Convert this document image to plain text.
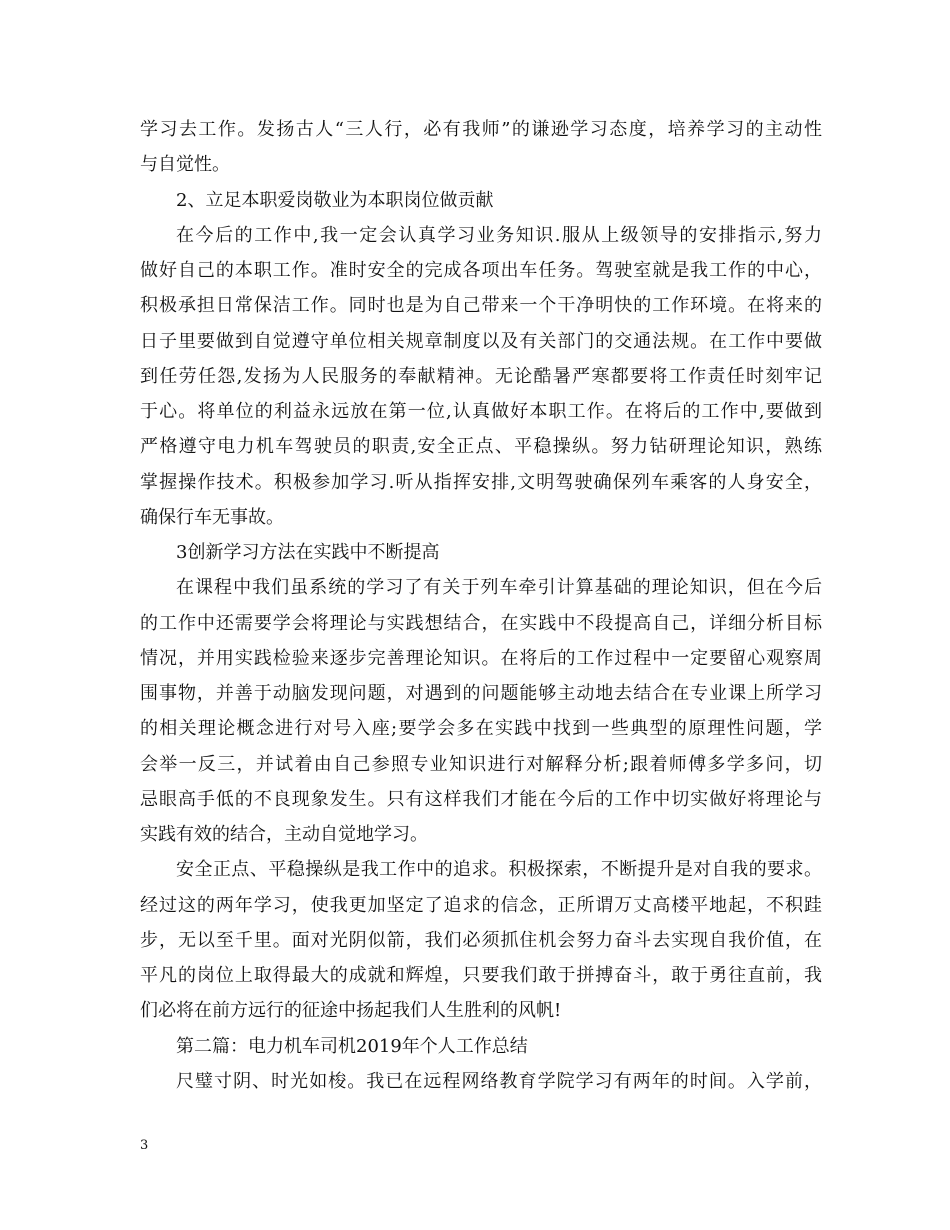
学习去工作。发扬古人“三人行，必有我师”的谦逊学习态度，培养学习的主动性
与自觉性。
2、立足本职爱岗敬业为本职岗位做贡献
在今后的工作中,我一定会认真学习业务知识.服从上级领导的安排指示,努力
做好自己的本职工作。准时安全的完成各项出车任务。驾驶室就是我工作的中心，
积极承担日常保洁工作。同时也是为自己带来一个干净明快的工作环境。在将来的
日子里要做到自觉遵守单位相关规章制度以及有关部门的交通法规。在工作中要做
到任劳任怨,发扬为人民服务的奉献精神。无论酷暑严寒都要将工作责任时刻牢记
于心。将单位的利益永远放在第一位,认真做好本职工作。在将后的工作中,要做到
严格遵守电力机车驾驶员的职责,安全正点、平稳操纵。努力钻研理论知识，熟练
掌握操作技术。积极参加学习.听从指挥安排,文明驾驶确保列车乘客的人身安全，
确保行车无事故。
3创新学习方法在实践中不断提高
在课程中我们虽系统的学习了有关于列车牵引计算基础的理论知识，但在今后
的工作中还需要学会将理论与实践想结合，在实践中不段提高自己，详细分析目标
情况，并用实践检验来逐步完善理论知识。在将后的工作过程中一定要留心观察周
围事物，并善于动脑发现问题，对遇到的问题能够主动地去结合在专业课上所学习
的相关理论概念进行对号入座;要学会多在实践中找到一些典型的原理性问题，学
会举一反三，并试着由自己参照专业知识进行对解释分析;跟着师傅多学多问，切
忌眼高手低的不良现象发生。只有这样我们才能在今后的工作中切实做好将理论与
实践有效的结合，主动自觉地学习。
安全正点、平稳操纵是我工作中的追求。积极探索，不断提升是对自我的要求。
经过这的两年学习，使我更加坚定了追求的信念，正所谓万丈高楼平地起，不积跬
步，无以至千里。面对光阴似箭，我们必须抓住机会努力奋斗去实现自我价值，在
平凡的岗位上取得最大的成就和辉煌，只要我们敢于拼搏奋斗，敢于勇往直前，我
们必将在前方远行的征途中扬起我们人生胜利的风帆!
第二篇：电力机车司机2019年个人工作总结
尺璧寸阴、时光如梭。我已在远程网络教育学院学习有两年的时间。入学前，
3
